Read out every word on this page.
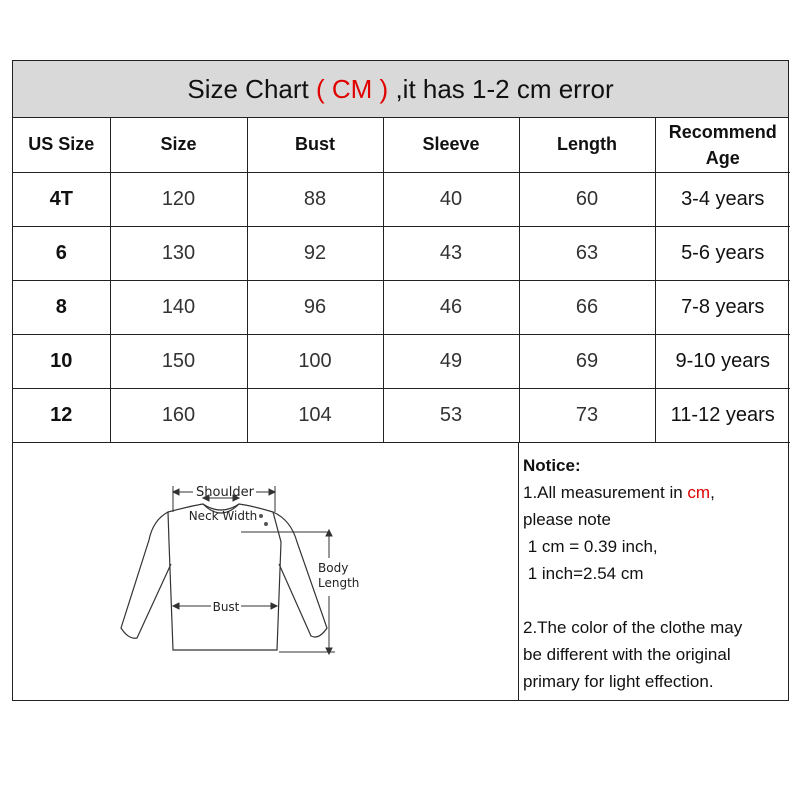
Size Chart
( CM )
,it has 1-2 cm error
US Size	Size	Bust	Sleeve	Length	Recommend Age
4T	120	88	40	60	3-4 years
6	130	92	43	63	5-6 years
8	140	96	46	66	7-8 years
10	150	100	49	69	9-10 years
12	160	104	53	73	11-12 years
Shoulder
Neck Width
Bust
Body
Length
Notice:
1.All measurement in cm,
please note
1 cm = 0.39 inch,
1 inch=2.54 cm

2.The color of the clothe may
be different with the original
primary for light effection.
